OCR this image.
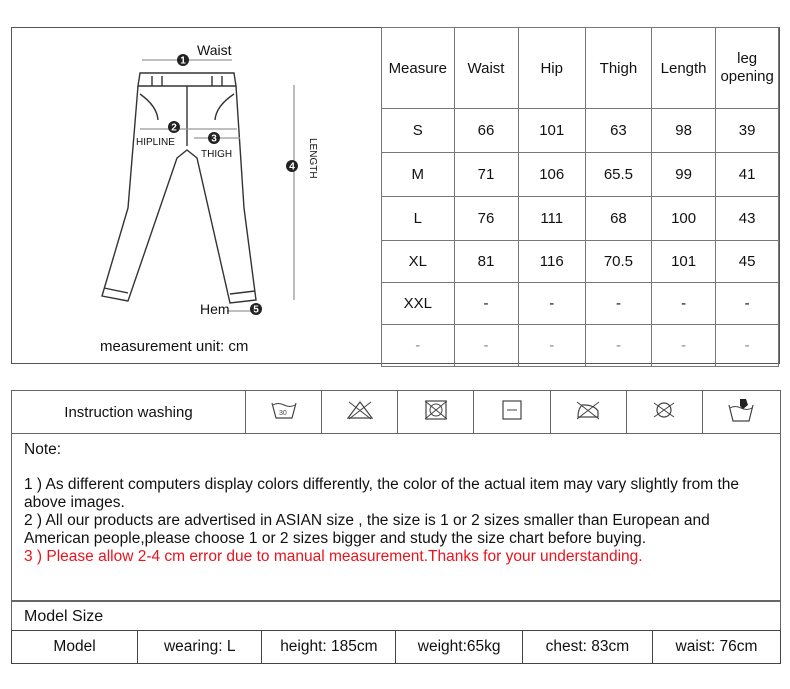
1
2
3
4
5
Waist
HIPLINE
THIGH	LENGTH
Hem
measurement unit: cm
Measure	Waist	Hip	Thigh	Length	leg opening
S	66	101	63	98	39
M	71	106	65.5	99	41
L	76	111	68	100	43
XL	81	116	70.5	101	45
XXL	-	-	-	-	-
-	-	-	-	-	-
Instruction washing	30

Note:

1 ) As different computers display colors differently, the color of the actual item may vary slightly from the

above images.

2 ) All our products are advertised in ASIAN size , the size is 1 or 2 sizes smaller than European and

American people,please choose 1 or 2 sizes bigger and study the size chart before buying.

3 ) Please allow 2-4 cm error due to manual measurement.Thanks for your understanding.

Model Size
Model	wearing: L	height: 185cm	weight:65kg	chest: 83cm	waist: 76cm
